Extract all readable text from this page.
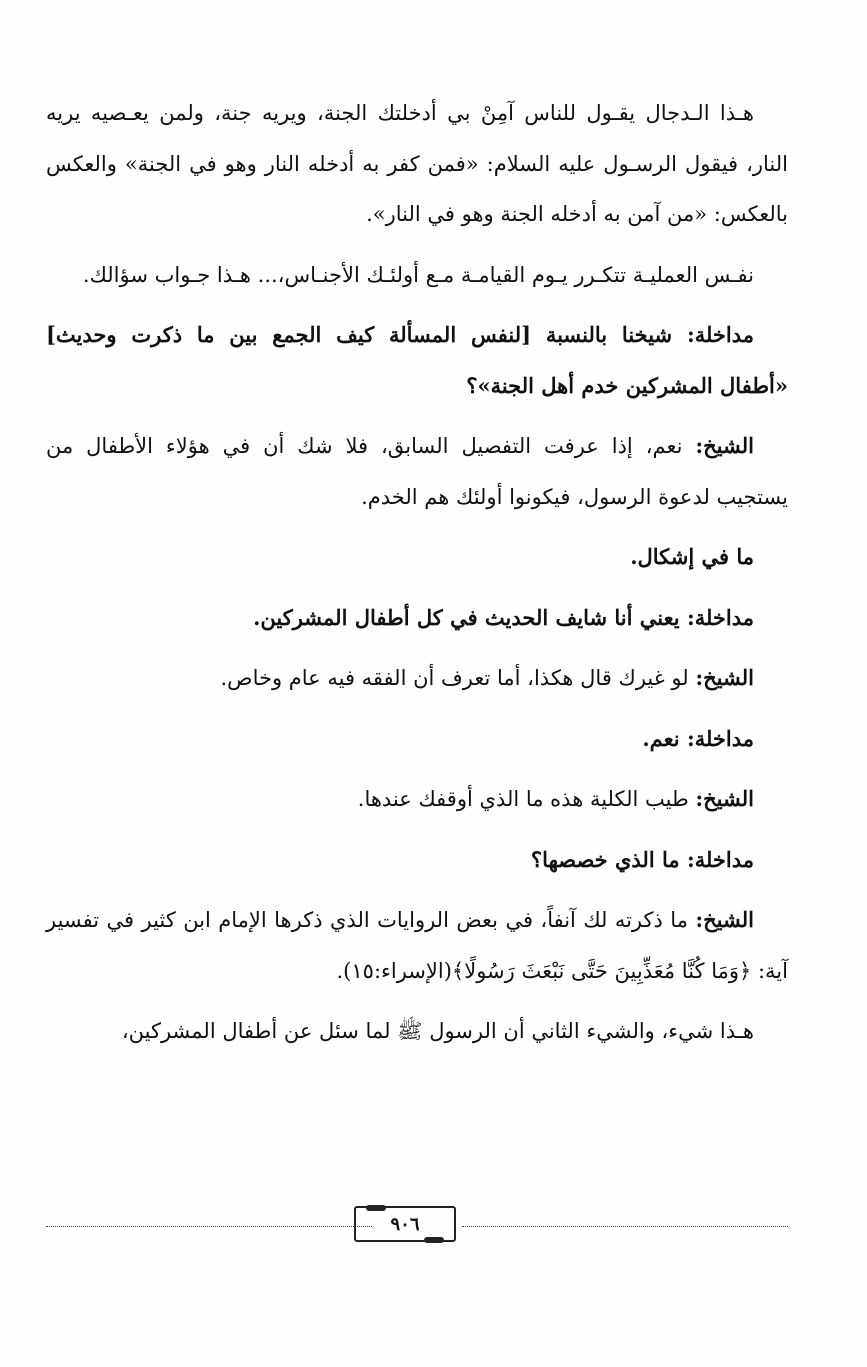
هـذا الـدجال يقـول للناس آمِنْ بي أدخلتك الجنة، ويريه جنة، ولمن يعـصيه يريه النار، فيقول الرسـول عليه السلام: «فمن كفر به أدخله النار وهو في الجنة» والعكس بالعكس: «من آمن به أدخله الجنة وهو في النار».

نفـس العمليـة تتكـرر يـوم القيامـة مـع أولئـك الأجنـاس،... هـذا جـواب سؤالك.

مداخلة: شيخنا بالنسبة [لنفس المسألة كيف الجمع بين ما ذكرت وحديث] «أطفال المشركين خدم أهل الجنة»؟

الشيخ: نعم، إذا عرفت التفصيل السابق، فلا شك أن في هؤلاء الأطفال من يستجيب لدعوة الرسول، فيكونوا أولئك هم الخدم.

ما في إشكال.

مداخلة: يعني أنا شايف الحديث في كل أطفال المشركين.

الشيخ: لو غيرك قال هكذا، أما تعرف أن الفقه فيه عام وخاص.

مداخلة: نعم.

الشيخ: طيب الكلية هذه ما الذي أوقفك عندها.

مداخلة: ما الذي خصصها؟

الشيخ: ما ذكرته لك آنفاً، في بعض الروايات الذي ذكرها الإمام ابن كثير في تفسير آية: ﴿وَمَا كُنَّا مُعَذِّبِينَ حَتَّى نَبْعَثَ رَسُولًا﴾(الإسراء:١٥).

هـذا شيء، والشيء الثاني أن الرسول ﷺ لما سئل عن أطفال المشركين،

٩٠٦
